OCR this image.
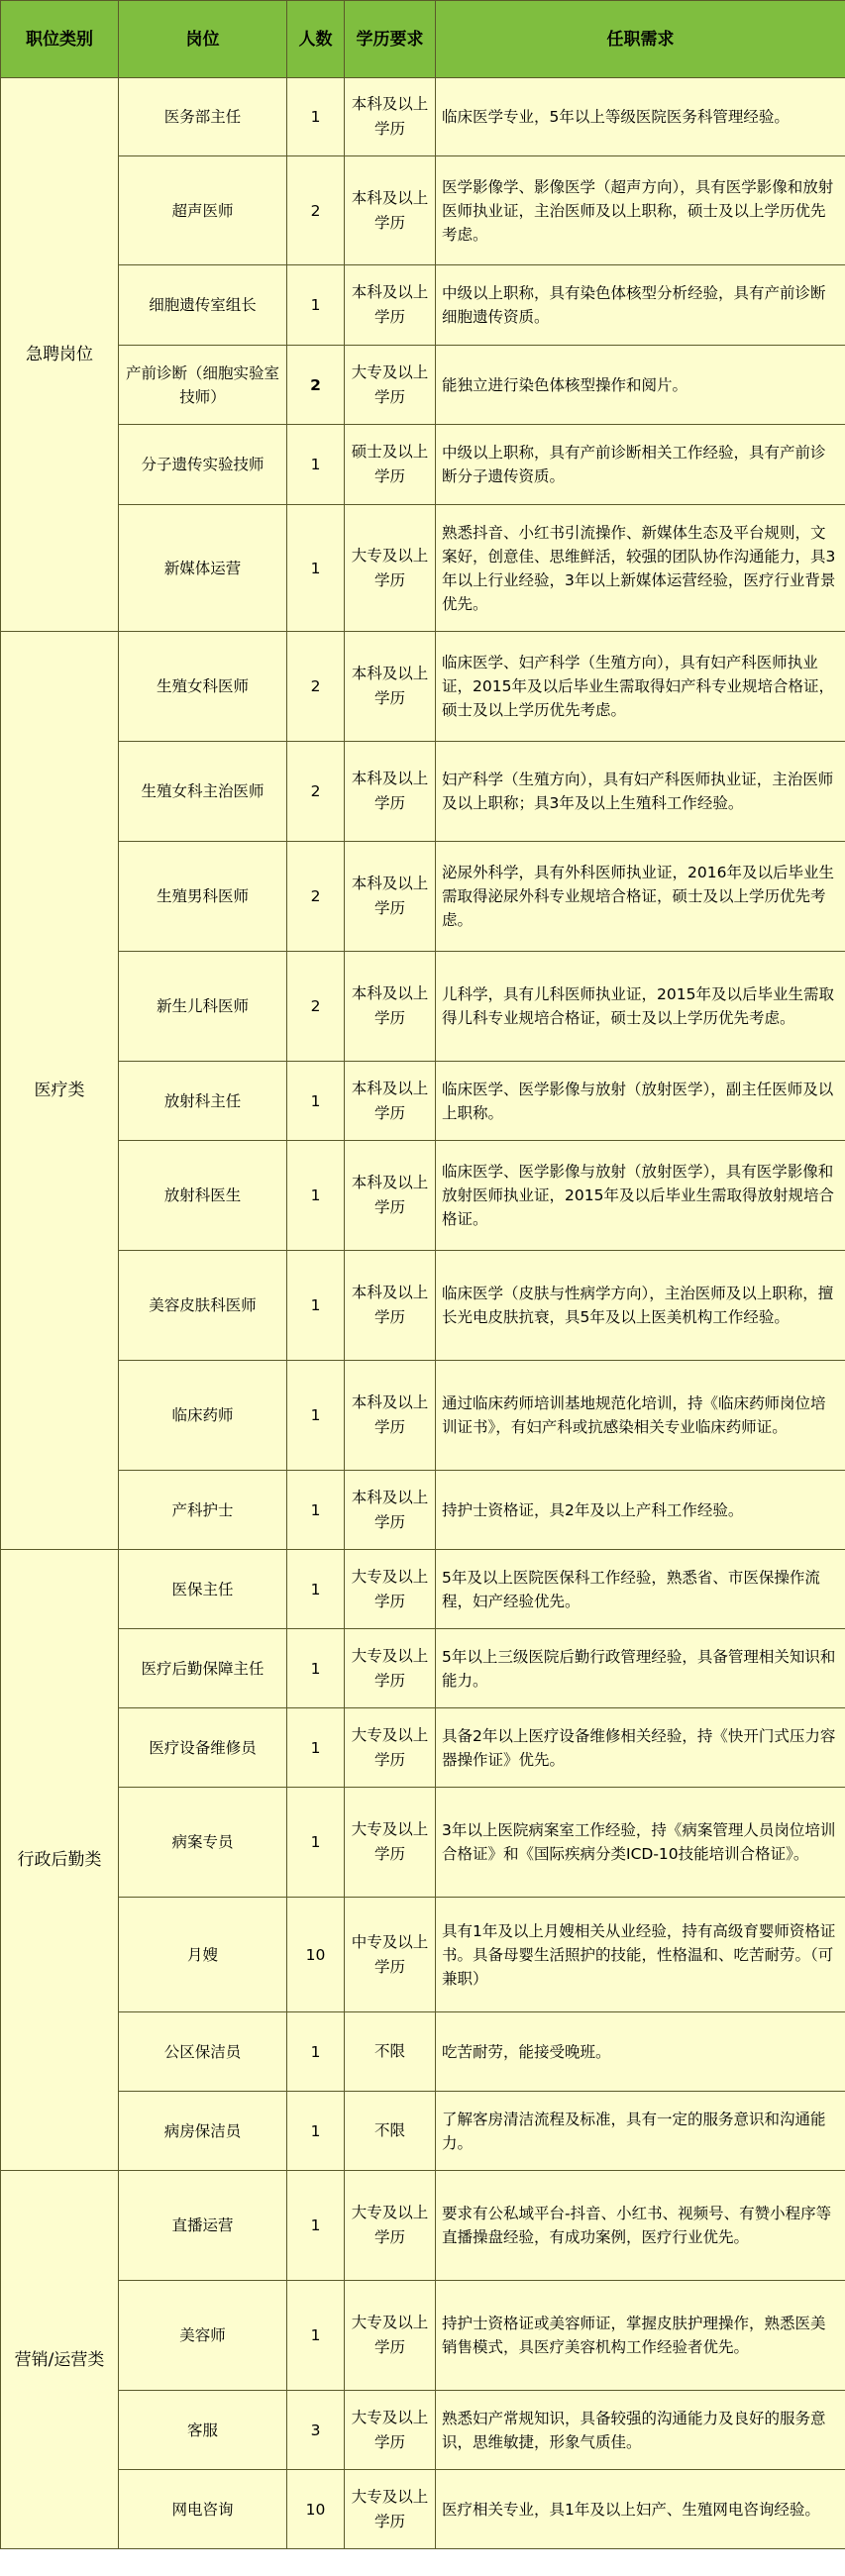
职位类别	岗位	人数	学历要求	任职需求
急聘岗位	医务部主任	1	本科及以上学历	临床医学专业，5年以上等级医院医务科管理经验。
	超声医师	2	本科及以上学历	医学影像学、影像医学（超声方向），具有医学影像和放射医师执业证，主治医师及以上职称，硕士及以上学历优先考虑。
	细胞遗传室组长	1	本科及以上学历	中级以上职称，具有染色体核型分析经验，具有产前诊断细胞遗传资质。
	产前诊断（细胞实验室技师）	2	大专及以上学历	能独立进行染色体核型操作和阅片。
	分子遗传实验技师	1	硕士及以上学历	中级以上职称，具有产前诊断相关工作经验，具有产前诊断分子遗传资质。
	新媒体运营	1	大专及以上学历	熟悉抖音、小红书引流操作、新媒体生态及平台规则，文案好，创意佳、思维鲜活，较强的团队协作沟通能力，具3年以上行业经验，3年以上新媒体运营经验，医疗行业背景优先。
医疗类	生殖女科医师	2	本科及以上学历	临床医学、妇产科学（生殖方向），具有妇产科医师执业证，2015年及以后毕业生需取得妇产科专业规培合格证，硕士及以上学历优先考虑。
	生殖女科主治医师	2	本科及以上学历	妇产科学（生殖方向），具有妇产科医师执业证，主治医师及以上职称；具3年及以上生殖科工作经验。
	生殖男科医师	2	本科及以上学历	泌尿外科学，具有外科医师执业证，2016年及以后毕业生需取得泌尿外科专业规培合格证，硕士及以上学历优先考虑。
	新生儿科医师	2	本科及以上学历	儿科学，具有儿科医师执业证，2015年及以后毕业生需取得儿科专业规培合格证，硕士及以上学历优先考虑。
	放射科主任	1	本科及以上学历	临床医学、医学影像与放射（放射医学），副主任医师及以上职称。
	放射科医生	1	本科及以上学历	临床医学、医学影像与放射（放射医学），具有医学影像和放射医师执业证，2015年及以后毕业生需取得放射规培合格证。
	美容皮肤科医师	1	本科及以上学历	临床医学（皮肤与性病学方向），主治医师及以上职称，擅长光电皮肤抗衰，具5年及以上医美机构工作经验。
	临床药师	1	本科及以上学历	通过临床药师培训基地规范化培训，持《临床药师岗位培训证书》，有妇产科或抗感染相关专业临床药师证。
	产科护士	1	本科及以上学历	持护士资格证，具2年及以上产科工作经验。
行政后勤类	医保主任	1	大专及以上学历	5年及以上医院医保科工作经验，熟悉省、市医保操作流程，妇产经验优先。
	医疗后勤保障主任	1	大专及以上学历	5年以上三级医院后勤行政管理经验，具备管理相关知识和能力。
	医疗设备维修员	1	大专及以上学历	具备2年以上医疗设备维修相关经验，持《快开门式压力容器操作证》优先。
	病案专员	1	大专及以上学历	3年以上医院病案室工作经验，持《病案管理人员岗位培训合格证》和《国际疾病分类ICD-10技能培训合格证》。
	月嫂	10	中专及以上学历	具有1年及以上月嫂相关从业经验，持有高级育婴师资格证书。具备母婴生活照护的技能，性格温和、吃苦耐劳。（可兼职）
	公区保洁员	1	不限	吃苦耐劳，能接受晚班。
	病房保洁员	1	不限	了解客房清洁流程及标准，具有一定的服务意识和沟通能力。
营销/运营类	直播运营	1	大专及以上学历	要求有公私域平台-抖音、小红书、视频号、有赞小程序等直播操盘经验，有成功案例，医疗行业优先。
	美容师	1	大专及以上学历	持护士资格证或美容师证，掌握皮肤护理操作，熟悉医美销售模式，具医疗美容机构工作经验者优先。
	客服	3	大专及以上学历	熟悉妇产常规知识，具备较强的沟通能力及良好的服务意识，思维敏捷，形象气质佳。
	网电咨询	10	大专及以上学历	医疗相关专业，具1年及以上妇产、生殖网电咨询经验。
